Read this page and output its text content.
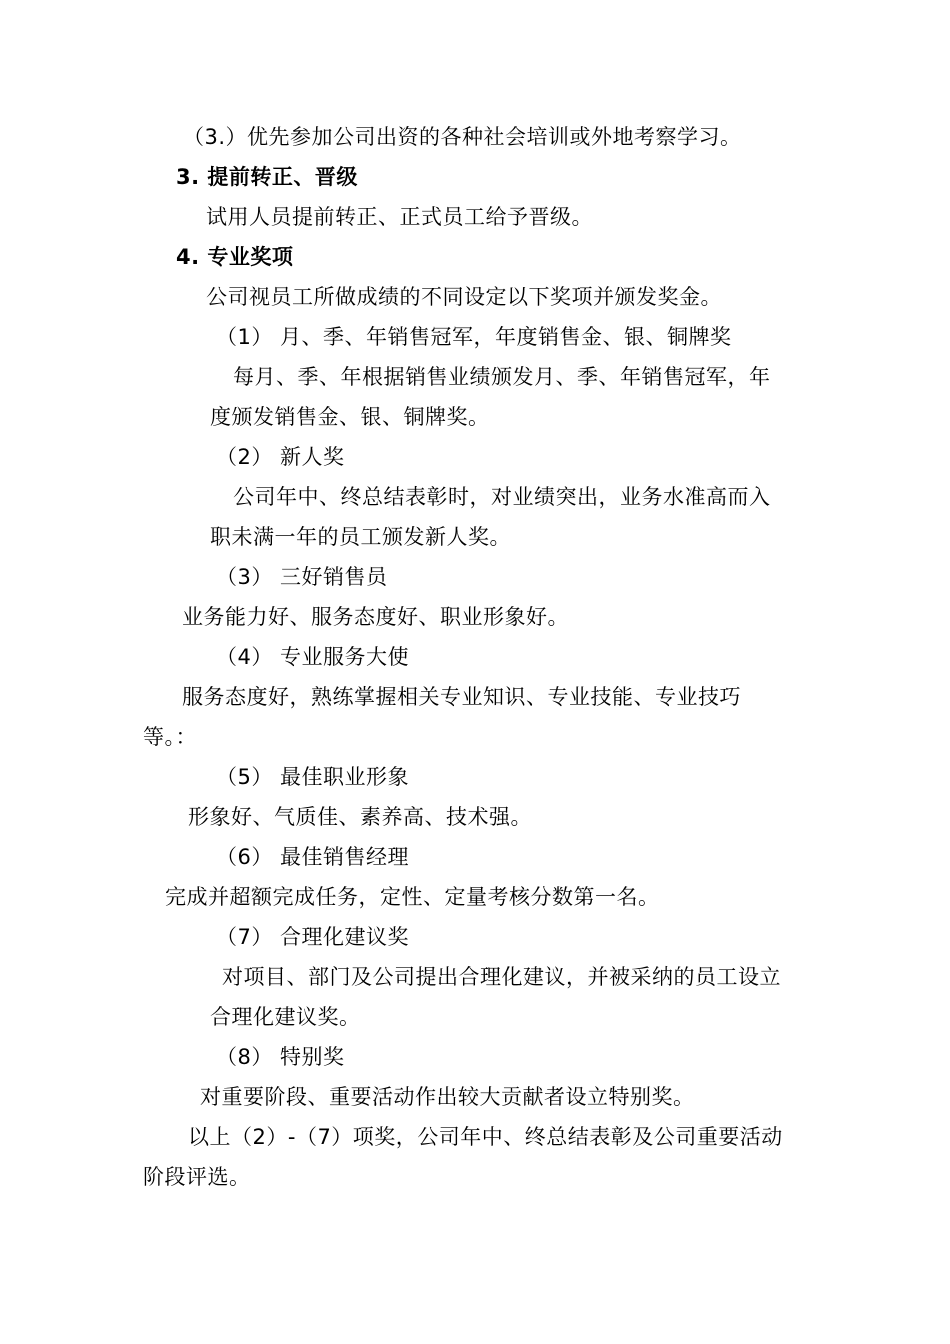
（3.）优先参加公司出资的各种社会培训或外地考察学习。
3. 提前转正、晋级
试用人员提前转正、正式员工给予晋级。
4. 专业奖项
公司视员工所做成绩的不同设定以下奖项并颁发奖金。
（1） 月、季、年销售冠军，年度销售金、银、铜牌奖
每月、季、年根据销售业绩颁发月、季、年销售冠军，年
度颁发销售金、银、铜牌奖。
（2） 新人奖
公司年中、终总结表彰时，对业绩突出，业务水准高而入
职未满一年的员工颁发新人奖。
（3） 三好销售员
业务能力好、服务态度好、职业形象好。
（4） 专业服务大使
服务态度好，熟练掌握相关专业知识、专业技能、专业技巧
等。：
（5） 最佳职业形象
形象好、气质佳、素养高、技术强。
（6） 最佳销售经理
完成并超额完成任务，定性、定量考核分数第一名。
（7） 合理化建议奖
对项目、部门及公司提出合理化建议，并被采纳的员工设立
合理化建议奖。
（8） 特别奖
对重要阶段、重要活动作出较大贡献者设立特别奖。
以上（2）-（7）项奖，公司年中、终总结表彰及公司重要活动
阶段评选。
